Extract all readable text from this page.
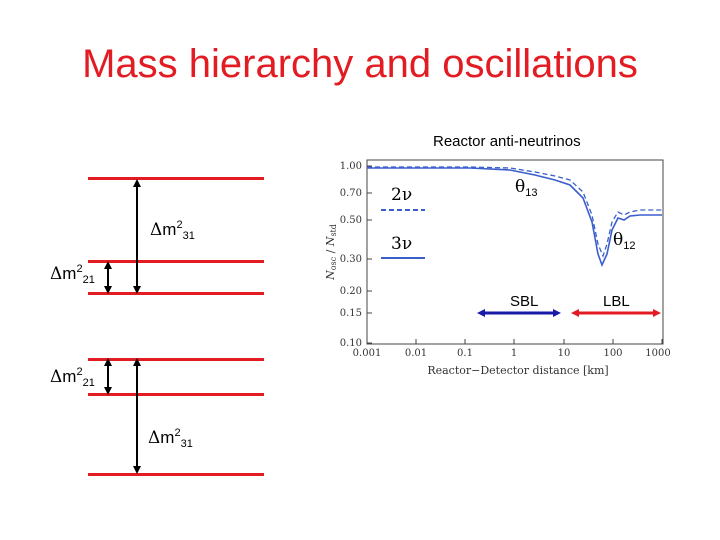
Mass hierarchy and oscillations
$\Delta m^2_{31}$
$\Delta m^2_{21}$
$\Delta m^2_{21}$
$\Delta m^2_{31}$
Reactor anti-neutrinos
1.00
0.70
0.50
0.30
0.20
0.15
0.10
0.001 0.01	0.1	1	10	100 1000
Reactor−Detector distance [km]
Nosc / Nstd
2ν
3ν
$\theta_{13}$
$\theta_{12}$
SBL	LBL
